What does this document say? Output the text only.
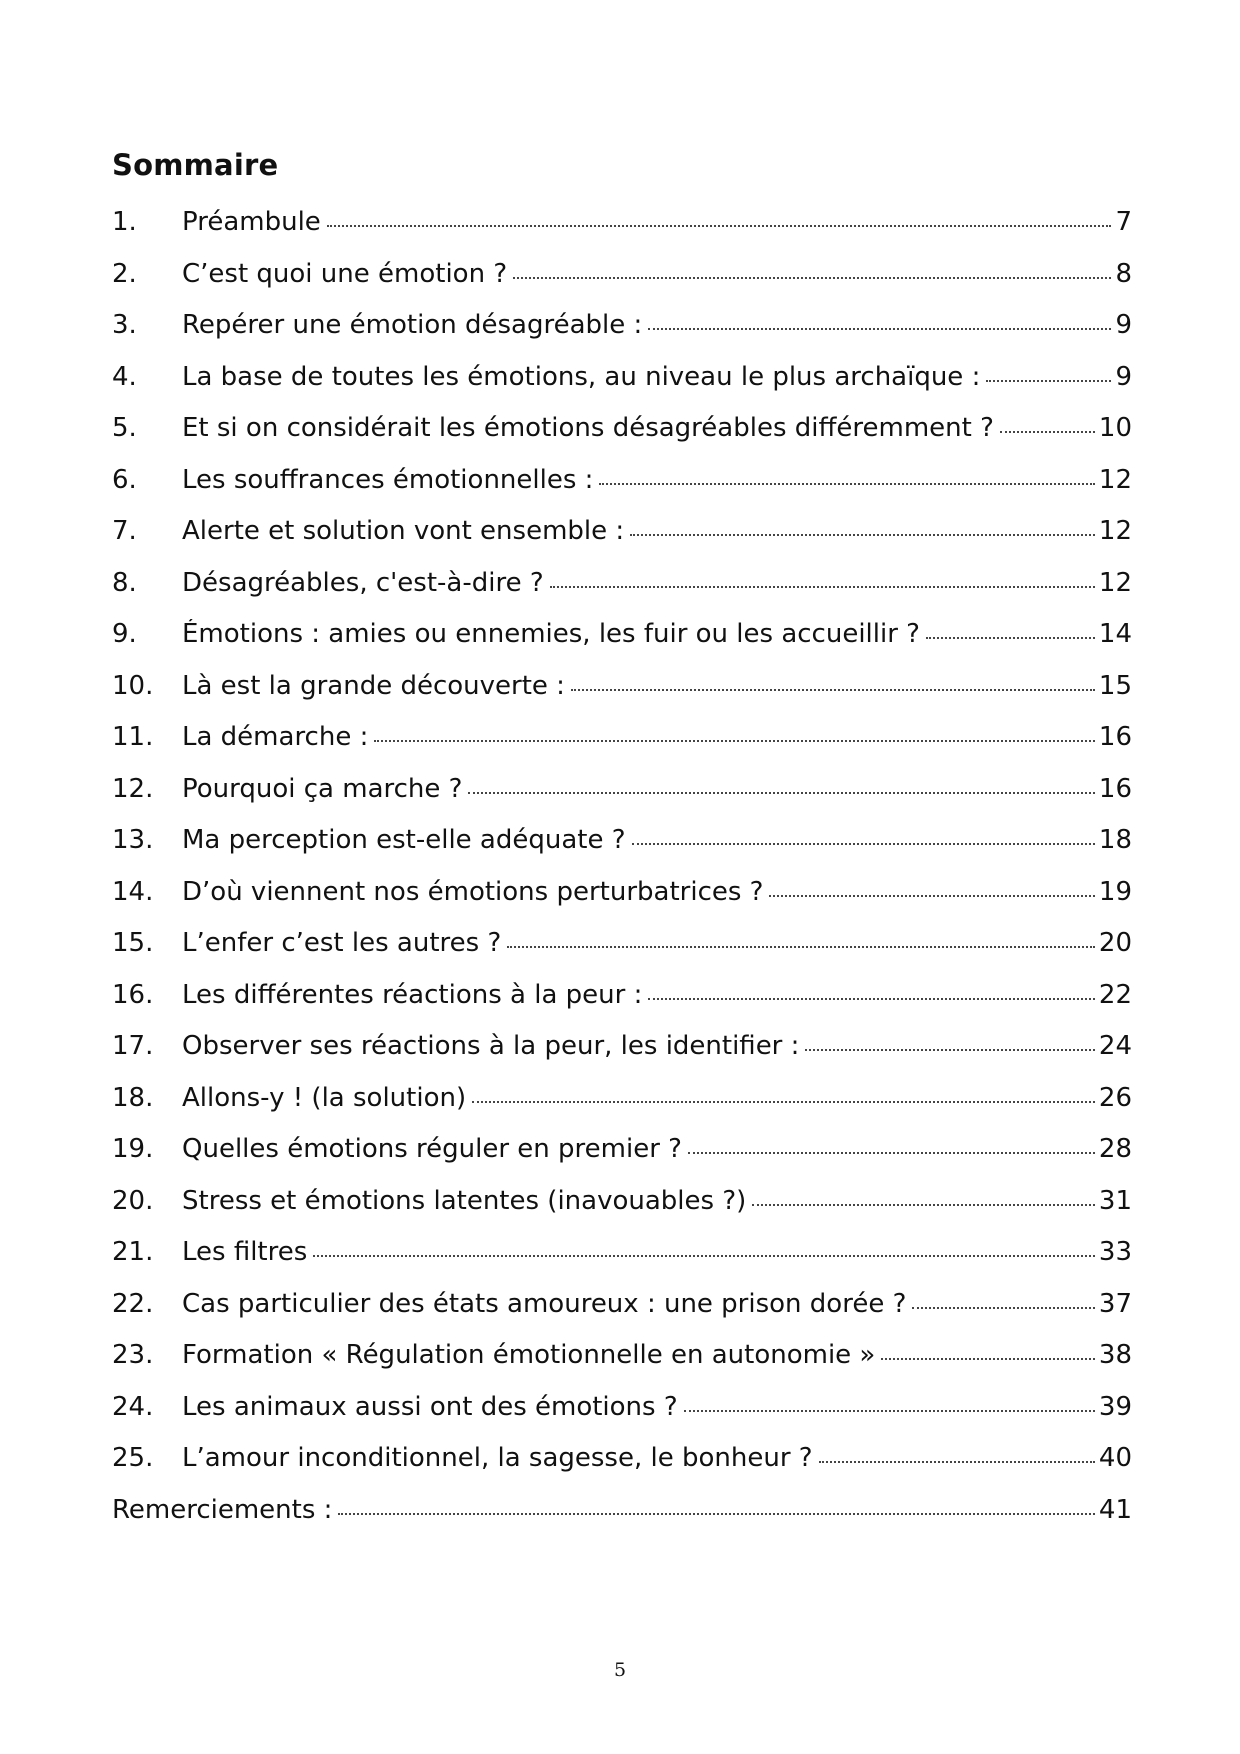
Sommaire
1.	Préambule	7
2.	C’est quoi une émotion ?	8
3.	Repérer une émotion désagréable :	9
4.	La base de toutes les émotions, au niveau le plus archaïque :	9
5.	Et si on considérait les émotions désagréables différemment ?	10
6.	Les souffrances émotionnelles :	12
7.	Alerte et solution vont ensemble :	12
8.	Désagréables, c'est-à-dire ?	12
9.	Émotions : amies ou ennemies, les fuir ou les accueillir ?	14
10.	Là est la grande découverte :	15
11.	La démarche :	16
12.	Pourquoi ça marche ?	16
13.	Ma perception est-elle adéquate ?	18
14.	D’où viennent nos émotions perturbatrices ?	19
15.	L’enfer c’est les autres ?	20
16.	Les différentes réactions à la peur :	22
17.	Observer ses réactions à la peur, les identifier :	24
18.	Allons-y ! (la solution)	26
19.	Quelles émotions réguler en premier ?	28
20.	Stress et émotions latentes (inavouables ?)	31
21.	Les filtres	33
22.	Cas particulier des états amoureux : une prison dorée ?	37
23.	Formation « Régulation émotionnelle en autonomie »	38
24.	Les animaux aussi ont des émotions ?	39
25.	L’amour inconditionnel, la sagesse, le bonheur ?	40
Remerciements :	41
5
